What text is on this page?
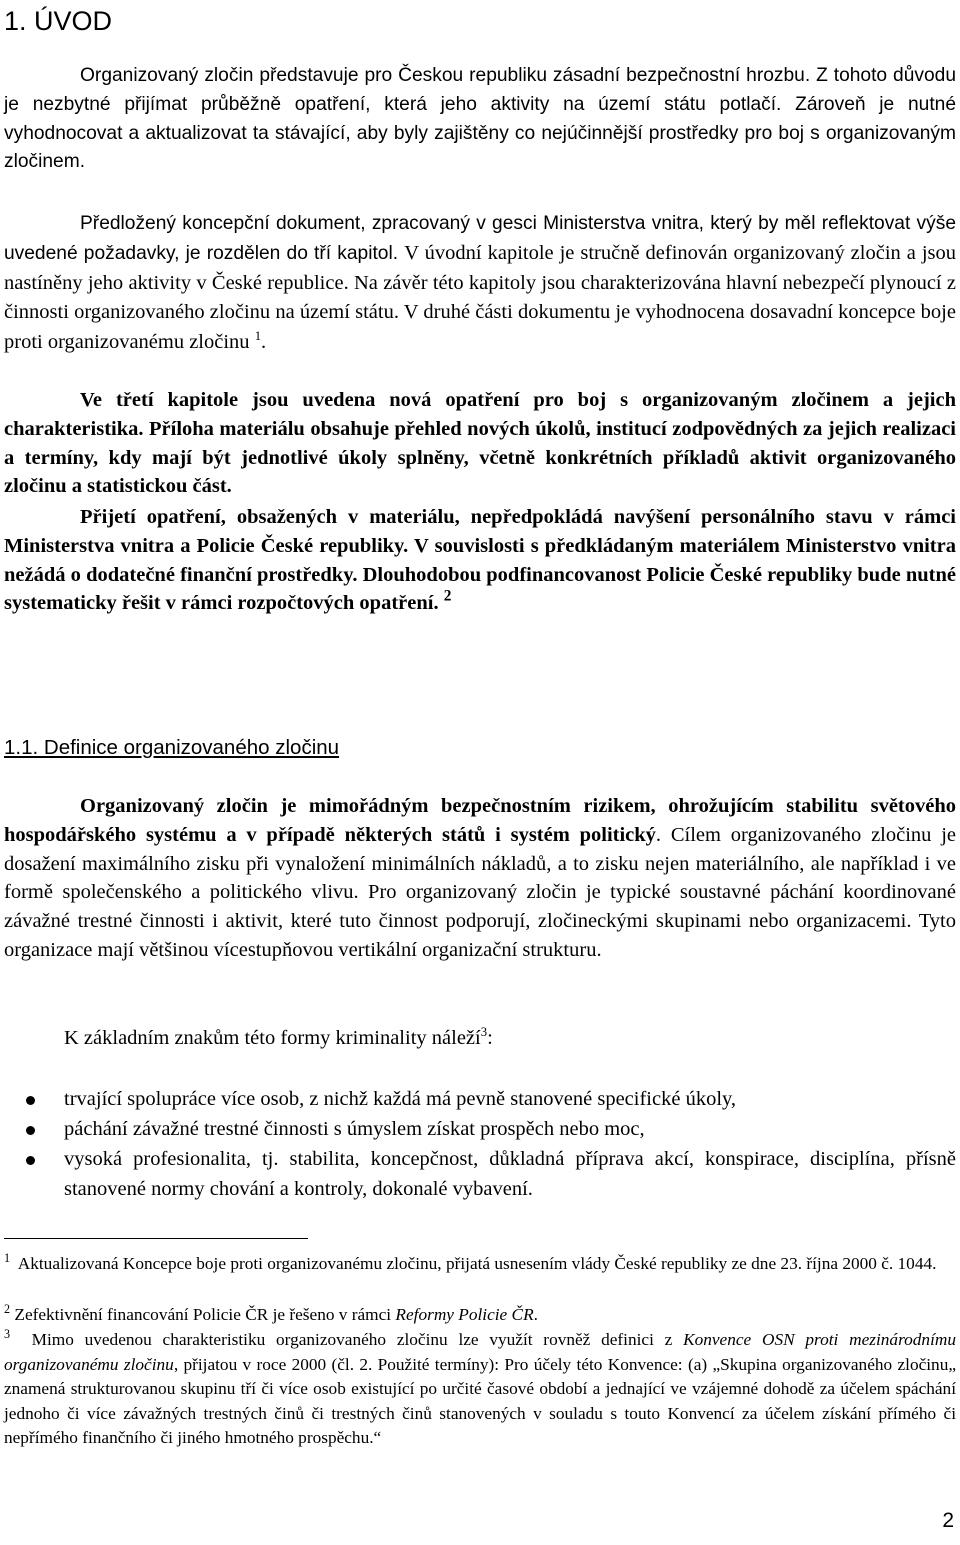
1. ÚVOD

Organizovaný zločin představuje pro Českou republiku zásadní bezpečnostní hrozbu. Z tohoto důvodu je nezbytné přijímat průběžně opatření, která jeho aktivity na území státu potlačí. Zároveň je nutné vyhodnocovat a aktualizovat ta stávající, aby byly zajištěny co nejúčinnější prostředky pro boj s organizovaným zločinem.

Předložený koncepční dokument, zpracovaný v gesci Ministerstva vnitra, který by měl reflektovat výše uvedené požadavky, je rozdělen do tří kapitol. V úvodní kapitole je stručně definován organizovaný zločin a jsou nastíněny jeho aktivity v České republice. Na závěr této kapitoly jsou charakterizována hlavní nebezpečí plynoucí z činnosti organizovaného zločinu na území státu. V druhé části dokumentu je vyhodnocena dosavadní koncepce boje proti organizovanému zločinu $^1$.

Ve třetí kapitole jsou uvedena nová opatření pro boj s organizovaným zločinem a jejich charakteristika. Příloha materiálu obsahuje přehled nových úkolů, institucí zodpovědných za jejich realizaci a termíny, kdy mají být jednotlivé úkoly splněny, včetně konkrétních příkladů aktivit organizovaného zločinu a statistickou část.

Přijetí opatření, obsažených v materiálu, nepředpokládá navýšení personálního stavu v rámci Ministerstva vnitra a Policie České republiky. V souvislosti s předkládaným materiálem Ministerstvo vnitra nežádá o dodatečné finanční prostředky. Dlouhodobou podfinancovanost Policie České republiky bude nutné systematicky řešit v rámci rozpočtových opatření. $^2$

1.1. Definice organizovaného zločinu

Organizovaný zločin je mimořádným bezpečnostním rizikem, ohrožujícím stabilitu světového hospodářského systému a v případě některých států i systém politický. Cílem organizovaného zločinu je dosažení maximálního zisku při vynaložení minimálních nákladů, a to zisku nejen materiálního, ale například i ve formě společenského a politického vlivu. Pro organizovaný zločin je typické soustavné páchání koordinované závažné trestné činnosti i aktivit, které tuto činnost podporují, zločineckými skupinami nebo organizacemi. Tyto organizace mají většinou vícestupňovou vertikální organizační strukturu.

K základním znakům této formy kriminality náleží$^3$:

trvající spolupráce více osob, z nichž každá má pevně stanovené specifické úkoly,
páchání závažné trestné činnosti s úmyslem získat prospěch nebo moc,
vysoká profesionalita, tj. stabilita, koncepčnost, důkladná příprava akcí, konspirace, disciplína, přísně stanovené normy chování a kontroly, dokonalé vybavení.

$^1$ Aktualizovaná Koncepce boje proti organizovanému zločinu, přijatá usnesením vlády České republiky ze dne 23. října 2000 č. 1044.

$^2$ Zefektivnění financování Policie ČR je řešeno v rámci Reformy Policie ČR.

$^3$ Mimo uvedenou charakteristiku organizovaného zločinu lze využít rovněž definici z Konvence OSN proti mezinárodnímu organizovanému zločinu, přijatou v roce 2000 (čl. 2. Použité termíny): Pro účely této Konvence: (a) „Skupina organizovaného zločinu„ znamená strukturovanou skupinu tří či více osob existující po určité časové období a jednající ve vzájemné dohodě za účelem spáchání jednoho či více závažných trestných činů či trestných činů stanovených v souladu s touto Konvencí za účelem získání přímého či nepřímého finančního či jiného hmotného prospěchu.“

2
